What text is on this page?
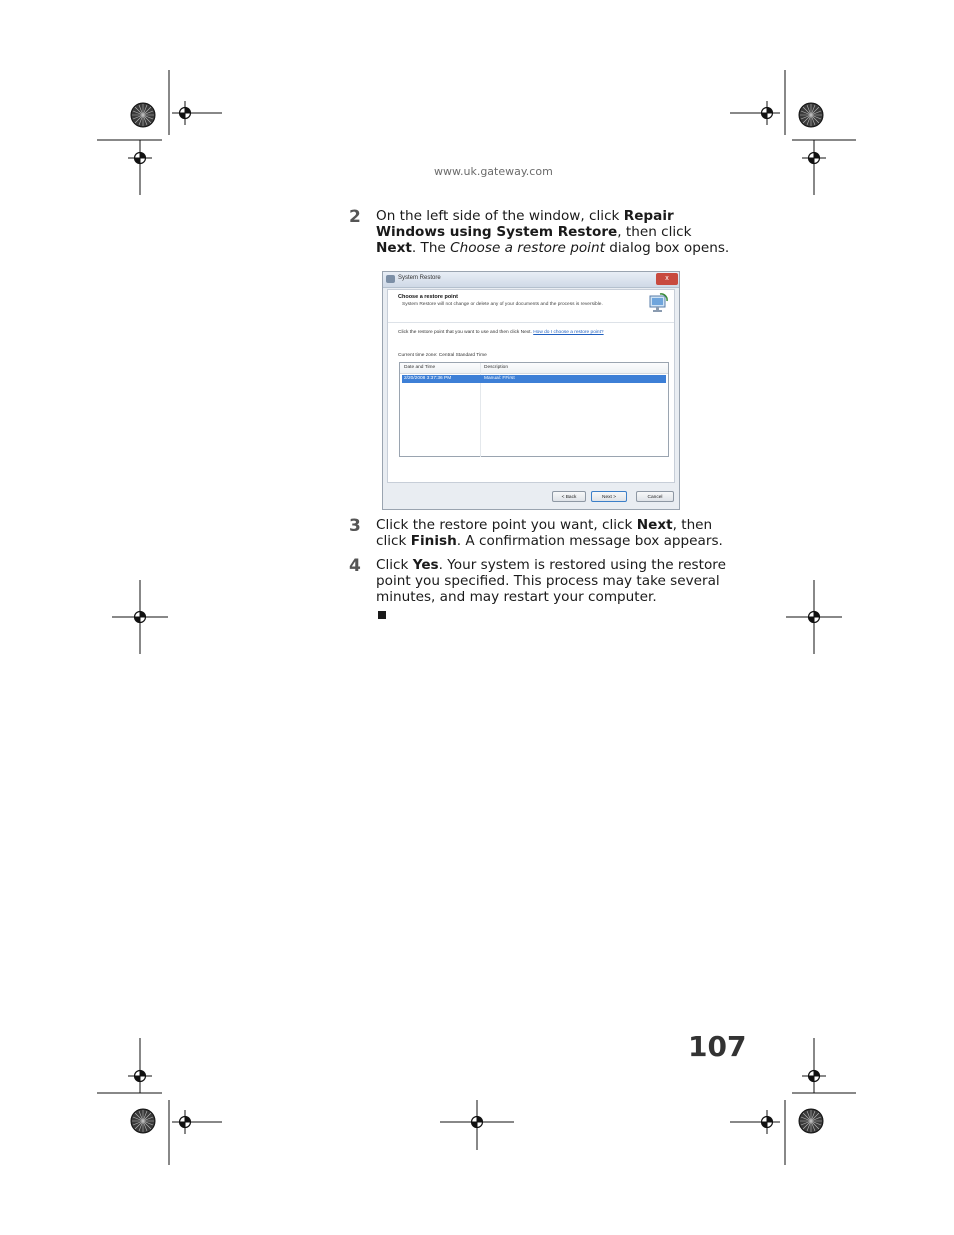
www.uk.gateway.com
2 On the left side of the window, click Repair Windows using System Restore, then click Next. The Choose a restore point dialog box opens.
System Restore	x
Choose a restore point
System Restore will not change or delete any of your documents and the process is reversible.
Click the restore point that you want to use and then click Next. How do I choose a restore point?
Current time zone: Central Standard Time
Date and Time	Description
2/20/2008 3:37:36 PM	Manual: FFirst
< Back	Next >	Cancel
3 Click the restore point you want, click Next, then click Finish. A confirmation message box appears.
4 Click Yes. Your system is restored using the restore point you specified. This process may take several minutes, and may restart your computer.
107
